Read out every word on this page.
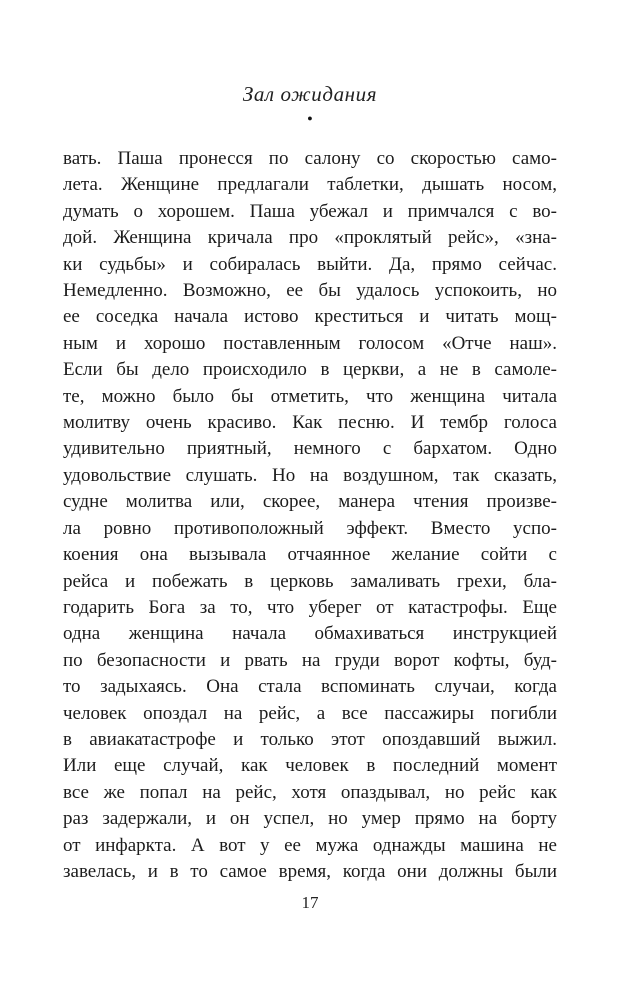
Зал ожидания
●
вать. Паша пронесся по салону со скоростью само-
лета. Женщине предлагали таблетки, дышать носом,
думать о хорошем. Паша убежал и примчался с во-
дой. Женщина кричала про «проклятый рейс», «зна-
ки судьбы» и собиралась выйти. Да, прямо сейчас.
Немедленно. Возможно, ее бы удалось успокоить, но
ее соседка начала истово креститься и читать мощ-
ным и хорошо поставленным голосом «Отче наш».
Если бы дело происходило в церкви, а не в самоле-
те, можно было бы отметить, что женщина читала
молитву очень красиво. Как песню. И тембр голоса
удивительно приятный, немного с бархатом. Одно
удовольствие слушать. Но на воздушном, так сказать,
судне молитва или, скорее, манера чтения произве-
ла ровно противоположный эффект. Вместо успо-
коения она вызывала отчаянное желание сойти с
рейса и побежать в церковь замаливать грехи, бла-
годарить Бога за то, что уберег от катастрофы. Еще
одна женщина начала обмахиваться инструкцией
по безопасности и рвать на груди ворот кофты, буд-
то задыхаясь. Она стала вспоминать случаи, когда
человек опоздал на рейс, а все пассажиры погибли
в авиакатастрофе и только этот опоздавший выжил.
Или еще случай, как человек в последний момент
все же попал на рейс, хотя опаздывал, но рейс как
раз задержали, и он успел, но умер прямо на борту
от инфаркта. А вот у ее мужа однажды машина не
завелась, и в то самое время, когда они должны были
17
